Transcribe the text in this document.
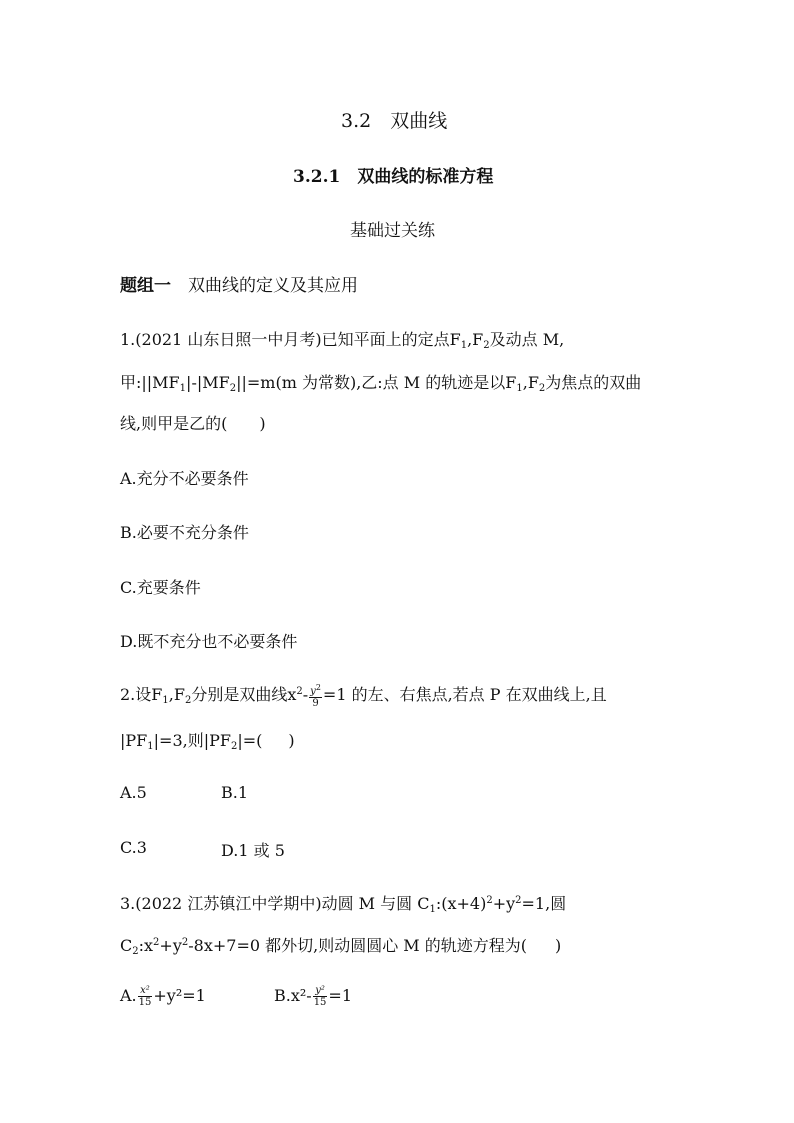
3.2　双曲线
3.2.1　双曲线的标准方程
基础过关练
题组一　 双曲线的定义及其应用
1.(2021 山东日照一中月考)已知平面上的定点$F_1,F_2$及动点 M,
甲$:||MF_1|-|MF_2||=m(m$ 为常数),乙:点 M 的轨迹是以$F_1,F_2$为焦点的双曲
线,则甲是乙的( )
A.充分不必要条件
B.必要不充分条件
C.充要条件
D.既不充分也不必要条件
2.设$F_1,F_2$分别是双曲线$x^2- \frac{y^2}{9} =1$ 的左、右焦点,若点 P 在双曲线上,且
$|PF_1|=3$,则$|PF_2|=$( )
A.5	B.1
C.3	D.1 或 5
3.(2022 江苏镇江中学期中)动圆 M 与圆 $C_1:(x+4)^2+y^2=1$,圆
$C_2:x^2+y^2-8x+7=0$ 都外切,则动圆圆心 M 的轨迹方程为( )
A. $\frac{\text{x²}}{15} +y^2=1$	$B.x^2- \frac{\text{y²}}{15} =1$
